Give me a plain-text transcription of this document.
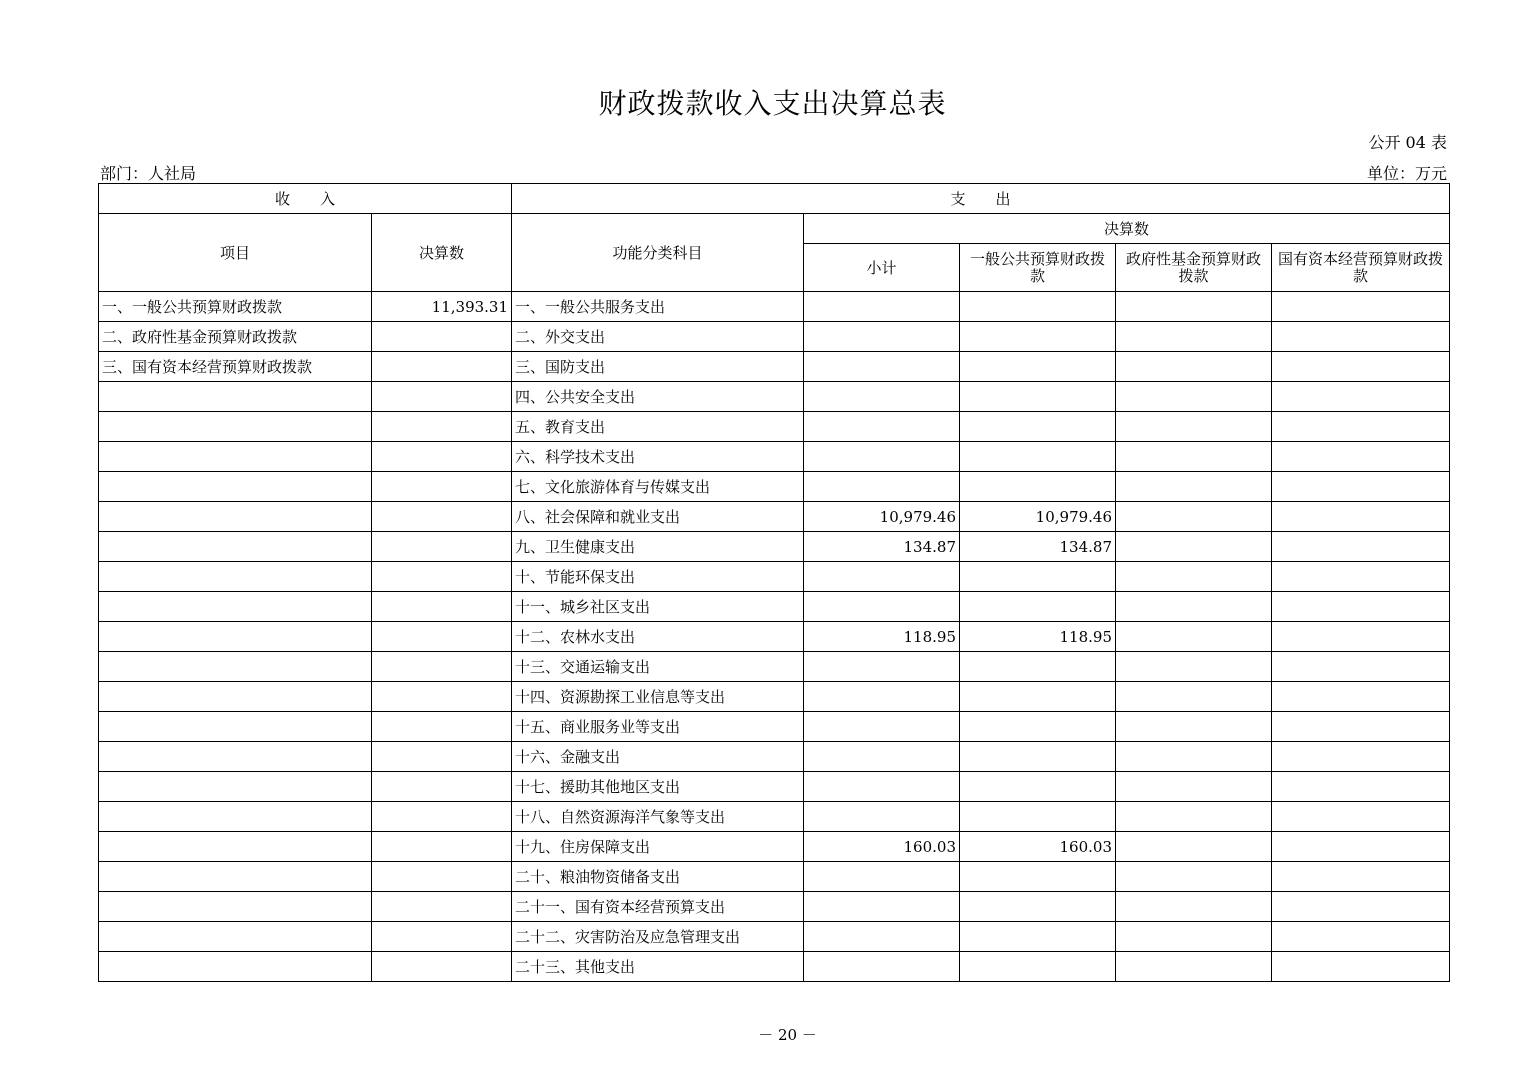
财政拨款收入支出决算总表
公开 04 表
部门：人社局	单位：万元
收　　入		支　　出				
项目	决算数	功能分类科目	决算数			
			小计	一般公共预算财政拨款	政府性基金预算财政拨款	国有资本经营预算财政拨款
一、一般公共预算财政拨款	11,393.31	一、一般公共服务支出				
二、政府性基金预算财政拨款		二、外交支出				
三、国有资本经营预算财政拨款		三、国防支出				
		四、公共安全支出				
		五、教育支出				
		六、科学技术支出				
		七、文化旅游体育与传媒支出				
		八、社会保障和就业支出	10,979.46	10,979.46		
		九、卫生健康支出	134.87	134.87		
		十、节能环保支出				
		十一、城乡社区支出				
		十二、农林水支出	118.95	118.95		
		十三、交通运输支出				
		十四、资源勘探工业信息等支出				
		十五、商业服务业等支出				
		十六、金融支出				
		十七、援助其他地区支出				
		十八、自然资源海洋气象等支出				
		十九、住房保障支出	160.03	160.03		
		二十、粮油物资储备支出				
		二十一、国有资本经营预算支出				
		二十二、灾害防治及应急管理支出				
		二十三、其他支出				
－ 20 －
